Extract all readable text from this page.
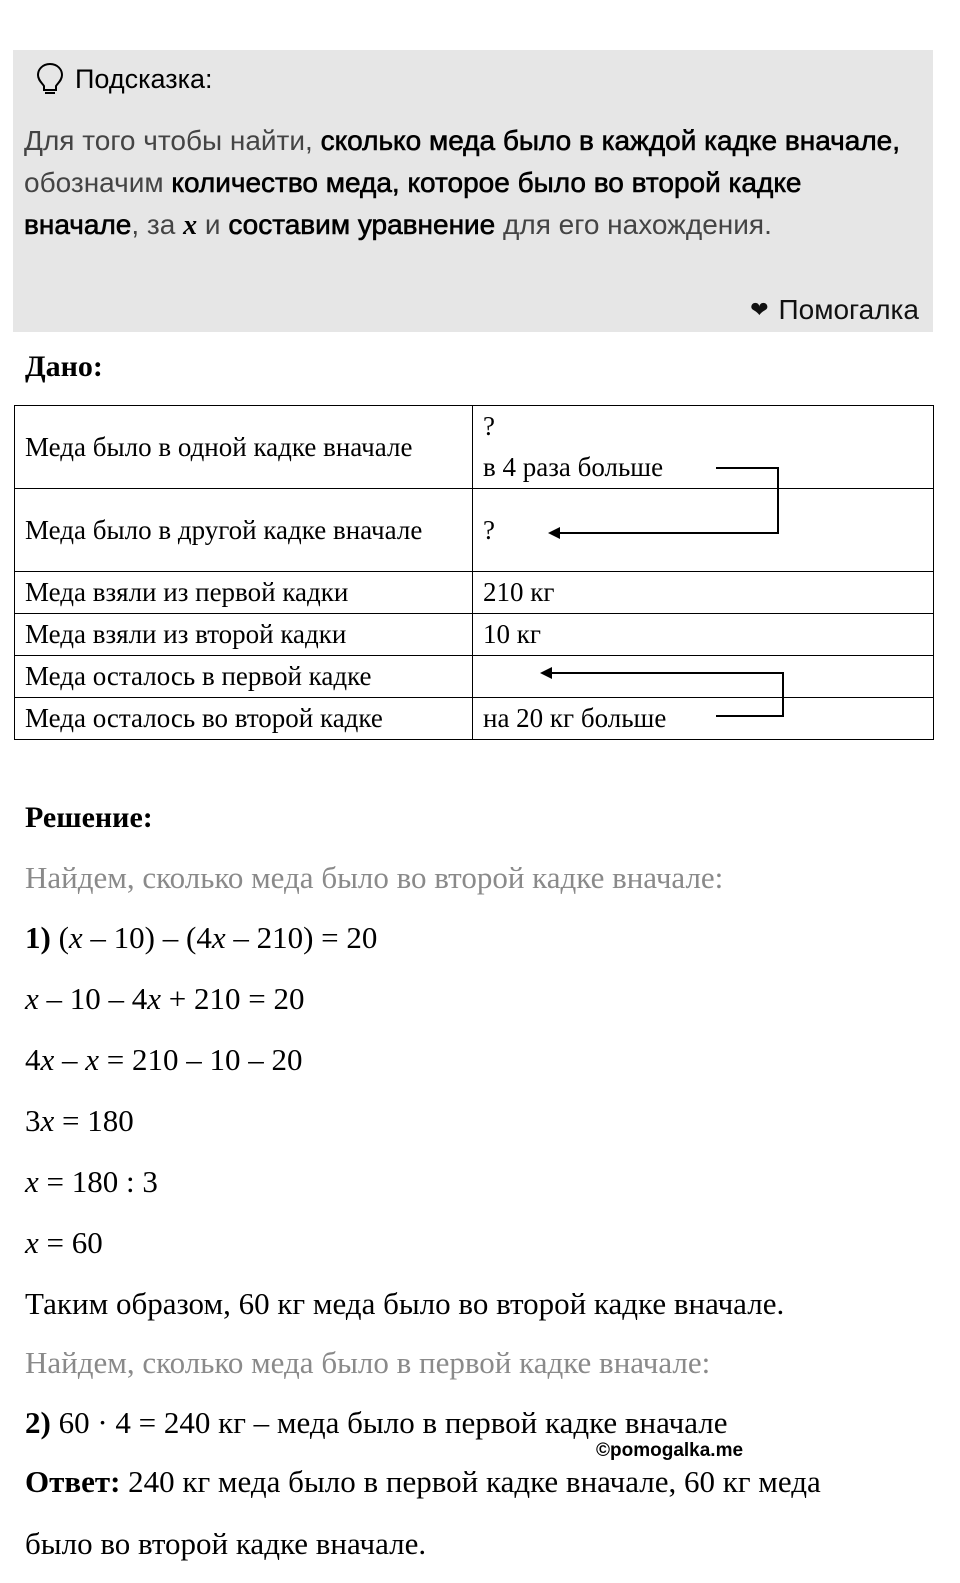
Подсказка:
Для того чтобы найти, сколько меда было в каждой кадке вначале, обозначим количество меда, которое было во второй кадке вначале, за x и составим уравнение для его нахождения.
❤ Помогалка
Дано:
Меда было в одной кадке вначале	?
в 4 раза больше

Меда было в другой кадке вначале	?
Меда взяли из первой кадки	210 кг
Меда взяли из второй кадки	10 кг
Меда осталось в первой кадке	
Меда осталось во второй кадке	на 20 кг больше
Решение:
Найдем, сколько меда было во второй кадке вначале:
1) (x – 10) – (4x – 210) = 20
x – 10 – 4x + 210 = 20
4x – x = 210 – 10 – 20
3x = 180
x = 180 : 3
x = 60
Таким образом, 60 кг меда было во второй кадке вначале.
Найдем, сколько меда было в первой кадке вначале:
2) 60 · 4 = 240 кг – меда было в первой кадке вначале
©pomogalka.me
Ответ: 240 кг меда было в первой кадке вначале, 60 кг меда
было во второй кадке вначале.
